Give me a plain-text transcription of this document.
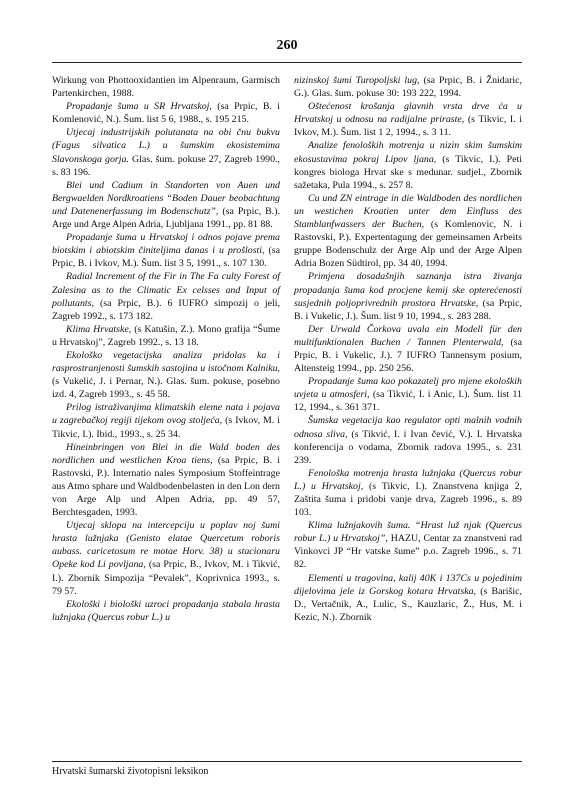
260

Wirkung von Phottooxidantien im Alpenraum, Garmisch Partenkirchen, 1988.

Propadanje šuma u SR Hrvatskoj, (sa Prpic, B. i Komlenović, N.). Šum. list 5 6, 1988., s. 195 215.

Utjecaj industrijskih polutanata na obi čnu bukvu (Fagus silvatica L.) u šumskim ekosistemima Slavonskoga gorja. Glas. šum. pokuse 27, Zagreb 1990., s. 83 196.

Blei und Cadium in Standorten von Auen und Bergwaelden Nordkroatiens “Boden Dauer beobachtung und Datenenerfassung im Bodenschutz”, (sa Prpic, B.). Arge und Arge Alpen Adria, Ljubljana 1991., pp. 81 88.

Propadanje šuma u Hrvatskoj i odnos pojave prema biotskim i abiotskim činiteljima danas i u prošlosti, (sa Prpic, B. i Ivkov, M.). Šum. list 3 5, 1991., s. 107 130.

Radial Increment of the Fir in The Fa culty Forest of Zalesina as to the Climatic Ex celsses and Input of pollutants, (sa Prpic, B.). 6 IUFRO simpozij o jeli, Zagreb 1992., s. 173 182.

Klima Hrvatske, (s Katušin, Z.). Mono grafija “Šume u Hrvatskoj”, Zagreb 1992., s. 13 18.

Ekološko vegetacijska analiza pridolas ka i rasprostranjenosti šumskih sastojina u istočnom Kalniku, (s Vukelić, J. i Pernar, N.). Glas. šum. pokuse, posebno izd. 4, Zagreb 1993., s. 45 58.

Prilog istraživanjima klimatskih eleme nata i pojava u zagrebačkoj regiji tijekom ovog stoljeća, (s Ivkov, M. i Tikvic, I.). Ibid., 1993., s. 25 34.

Hineinbringen von Blei in die Wald boden des nordlichen und westlichen Kroa tiens, (sa Prpic, B. i Rastovski, P.). Internatio nales Symposium Stoffeintrage aus Atmo sphare und Waldbodenbelasten in den Lon dern von Arge Alp und Alpen Adria, pp. 49 57, Berchtesgaden, 1993.

Utjecaj sklopa na intercepciju u poplav noj šumi hrasta lužnjaka (Genisto elatae Quercetum roboris aubass. caricetosum re motae Horv. 38) u stacionaru Opeke kod Li povljana, (sa Prpic, B., Ivkov, M. i Tikvić, I.). Zbornik Simpozija “Pevalek”, Koprivnica 1993., s. 79 57.

Ekološki i biološki uzroci propadanja stabala hrasta lužnjaka (Quercus robur L.) u

nizinskoj šumi Turopoljski lug, (sa Prpic, B. i Žnidaric, G.). Glas. šum. pokuse 30: 193 222, 1994.

Oštećenost krošanja glavnih vrsta drve ća u Hrvatskoj u odnosu na radijalne priraste, (s Tikvic, I. i Ivkov, M.). Šum. list 1 2, 1994., s. 3 11.

Analize fenoloških motrenja u nizin skim šumskim ekosustavima pokraj Lipov ljana, (s Tikvic, I.). Peti kongres biologa Hrvat ske s medunar. sudjel., Zbornik sažetaka, Pula 1994., s. 257 8.

Cu und ZN eintrage in die Waldboden des nordlichen un westichen Kroatien unter dem Einfluss des Stamblanfwassers der Buchen, (s Komlenovic, N. i Rastovski, P.). Expertentagung der gemeinsamen Arbeits gruppe Bodenschulz der Arge Alp und der Arge Alpen Adria Bozen Südtirol, pp. 34 40, 1994.

Primjena dosadašnjih saznanja istra živanja propadanja šuma kod procjene kemij ske opterećenosti susjednih poljoprivrednih prostora Hrvatske, (sa Prpic, B. i Vukelic, J.). Šum. list 9 10, 1994., s. 283 288.

Der Urwald Čorkova uvala ein Modell für den multifunktionalen Buchen / Tannen Plenterwald, (sa Prpic, B. i Vukelic, J.). 7 IUFRO Tannensym posium, Altensteig 1994., pp. 250 256.

Propadanje šuma kao pokazatelj pro mjene ekoloških uvjeta u atmosferi, (sa Tikvić, I. i Anic, I.). Šum. list 11 12, 1994., s. 361 371.

Šumska vegetacija kao regulator opti malnih vodnih odnosa sliva, (s Tikvić, I. i Ivan čević, V.). I. Hrvatska konferencija o vodama, Zbornik radova 1995., s. 231 239.

Fenološka motrenja hrasta lužnjaka (Quercus robur L.) u Hrvatskoj, (s Tikvic, I.). Znanstvena knjiga 2, Zaštita šuma i pridobi vanje drva, Zagreb 1996., s. 89 103.

Klima lužnjakovih šuma. “Hrast luž njak (Quercus robur L.) u Hrvatskoj”, HAZU, Centar za znanstveni rad Vinkovci JP “Hr vatske šume” p.o. Zagreb 1996., s. 71 82.

Elementi u tragovina, kalij 40K i 137Cs u pojedinim dijelovima jele iz Gorskog kotara Hrvatska, (s Barišic, D., Vertačnik, A., Lulic, S., Kauzlaric, Ž., Hus, M. i Kezic, N.). Zbornik

Hrvatski šumarski životopisni leksikon
